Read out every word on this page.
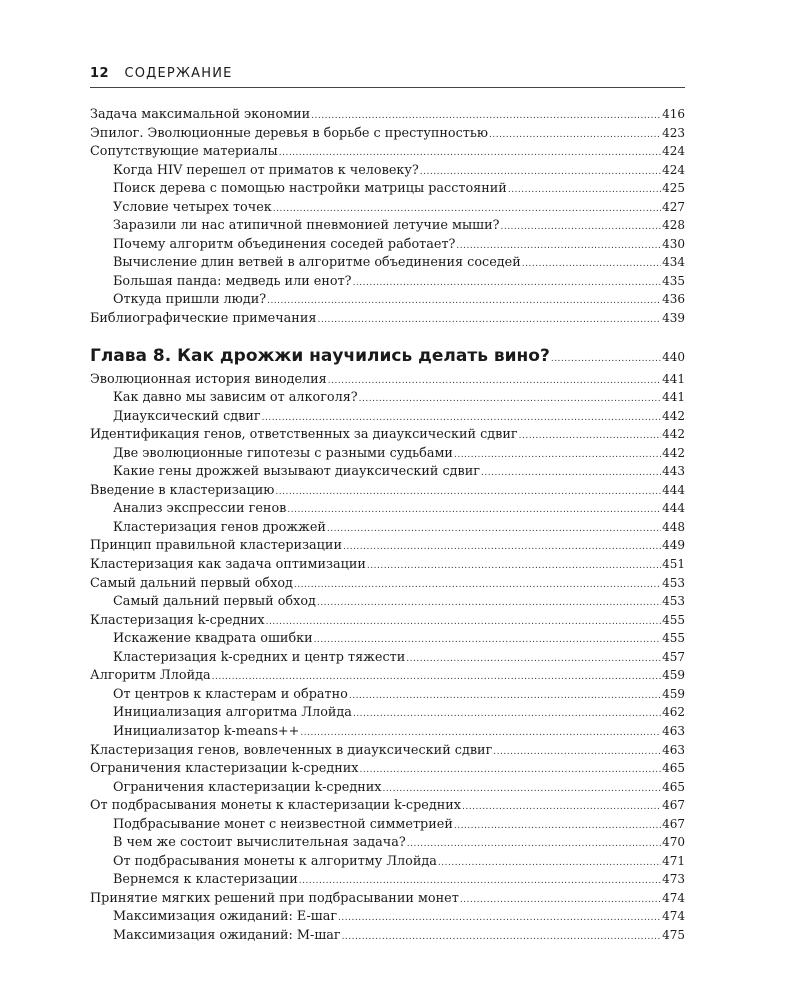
12 СОДЕРЖАНИЕ
Задача максимальной экономии .....	416
Эпилог. Эволюционные деревья в борьбе с преступностью .....	423
Сопутствующие материалы .....	424
Когда HIV перешел от приматов к человеку? .....	424
Поиск дерева с помощью настройки матрицы расстояний .....	425
Условие четырех точек .....	427
Заразили ли нас атипичной пневмонией летучие мыши? .....	428
Почему алгоритм объединения соседей работает? .....	430
Вычисление длин ветвей в алгоритме объединения соседей .....	434
Большая панда: медведь или енот? .....	435
Откуда пришли люди? .....	436
Библиографические примечания .....	439
Глава 8. Как дрожжи научились делать вино? .....	440
Эволюционная история виноделия .....	441
Как давно мы зависим от алкоголя? .....	441
Диауксический сдвиг .....	442
Идентификация генов, ответственных за диауксический сдвиг .....	442
Две эволюционные гипотезы с разными судьбами .....	442
Какие гены дрожжей вызывают диауксический сдвиг .....	443
Введение в кластеризацию .....	444
Анализ экспрессии генов .....	444
Кластеризация генов дрожжей .....	448
Принцип правильной кластеризации .....	449
Кластеризация как задача оптимизации .....	451
Самый дальний первый обход .....	453
Самый дальний первый обход .....	453
Кластеризация k-средних .....	455
Искажение квадрата ошибки .....	455
Кластеризация k-средних и центр тяжести .....	457
Алгоритм Ллойда .....	459
От центров к кластерам и обратно .....	459
Инициализация алгоритма Ллойда .....	462
Инициализатор k-means++ .....	463
Кластеризация генов, вовлеченных в диауксический сдвиг .....	463
Ограничения кластеризации k-средних .....	465
Ограничения кластеризации k-средних .....	465
От подбрасывания монеты к кластеризации k-средних .....	467
Подбрасывание монет с неизвестной симметрией .....	467
В чем же состоит вычислительная задача? .....	470
От подбрасывания монеты к алгоритму Ллойда .....	471
Вернемся к кластеризации .....	473
Принятие мягких решений при подбрасывании монет .....	474
Максимизация ожиданий: E-шаг .....	474
Максимизация ожиданий: M-шаг .....	475
